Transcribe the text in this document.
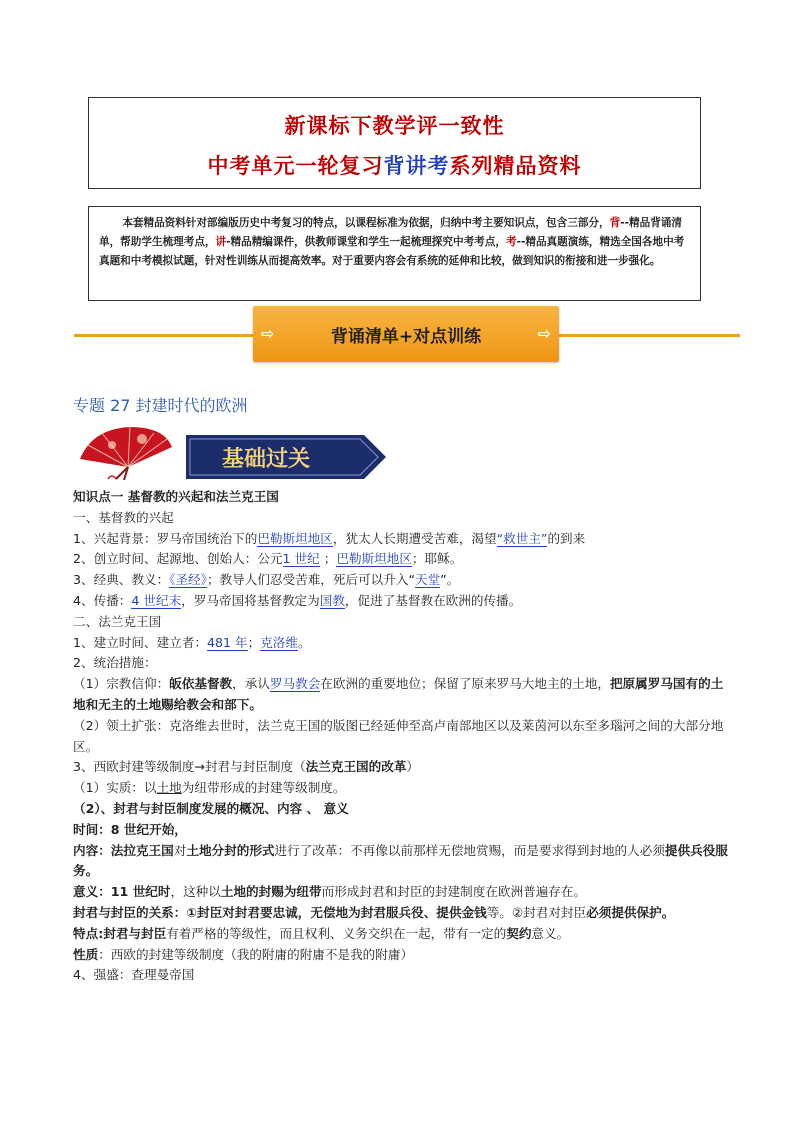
新课标下教学评一致性
中考单元一轮复习背讲考系列精品资料

本套精品资料针对部编版历史中考复习的特点，以课程标准为依据，归纳中考主要知识点，包含三部分，背--精品背诵清单，帮助学生梳理考点，讲-精品精编课件，供教师课堂和学生一起梳理探究中考考点，考--精品真题演练，精选全国各地中考真题和中考模拟试题，针对性训练从而提高效率。对于重要内容会有系统的延伸和比较，做到知识的衔接和进一步强化。

⇨	背诵清单+对点训练	⇨
专题 27 封建时代的欧洲
基础过关
知识点一 基督教的兴起和法兰克王国
一、基督教的兴起
1、兴起背景：罗马帝国统治下的巴勒斯坦地区，犹太人长期遭受苦难，渴望“救世主”的到来
2、创立时间、起源地、创始人：公元1 世纪 ；巴勒斯坦地区；耶稣。
3、经典、教义：《圣经》；教导人们忍受苦难，死后可以升入“天堂”。
4、传播：4 世纪末，罗马帝国将基督教定为国教，促进了基督教在欧洲的传播。
二、法兰克王国
1、建立时间、建立者：481 年；克洛维。
2、统治措施：
（1）宗教信仰：皈依基督教，承认罗马教会在欧洲的重要地位；保留了原来罗马大地主的土地，把原属罗马国有的土地和无主的土地赐给教会和部下。
（2）领土扩张：克洛维去世时，法兰克王国的版图已经延伸至高卢南部地区以及莱茵河以东至多瑙河之间的大部分地区。
3、西欧封建等级制度→封君与封臣制度（法兰克王国的改革）
（1）实质：以土地为纽带形成的封建等级制度。
（2）、封君与封臣制度发展的概况、内容 、 意义
时间：8 世纪开始，
内容：法拉克王国对土地分封的形式进行了改革：不再像以前那样无偿地赏赐，而是要求得到封地的人必须提供兵役服务。
意义：11 世纪时，这种以土地的封赐为纽带而形成封君和封臣的封建制度在欧洲普遍存在。
封君与封臣的关系：①封臣对封君要忠诚，无偿地为封君服兵役、提供金钱等。②封君对封臣必须提供保护。
特点:封君与封臣有着严格的等级性，而且权利、义务交织在一起，带有一定的契约意义。
性质：西欧的封建等级制度（我的附庸的附庸不是我的附庸）
4、强盛：查理曼帝国
